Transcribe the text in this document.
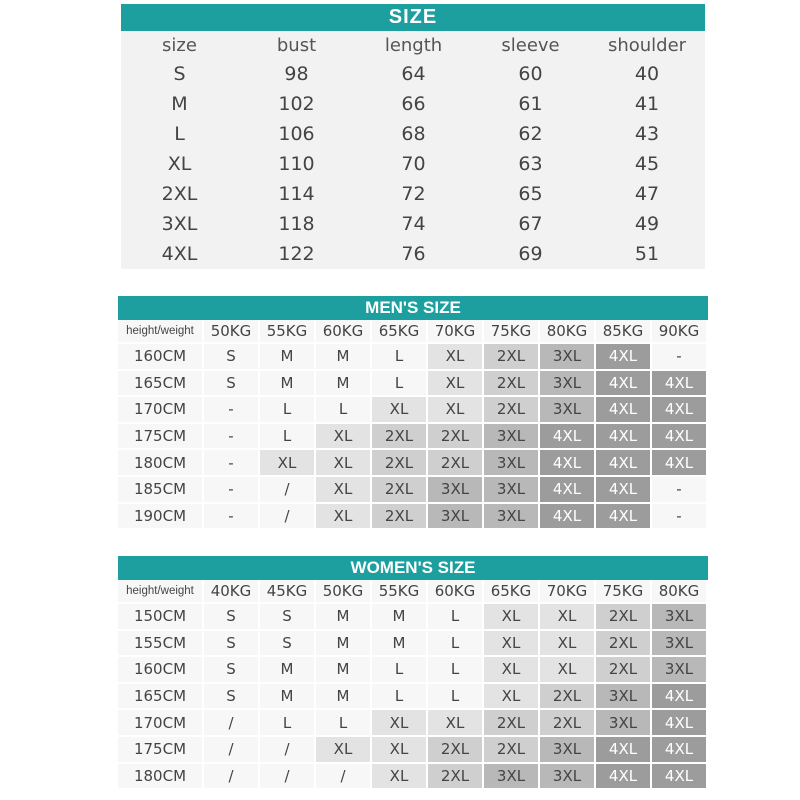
SIZE
size	bust	length	sleeve	shoulder
S	98	64	60	40
M	102	66	61	41
L	106	68	62	43
XL	110	70	63	45
2XL	114	72	65	47
3XL	118	74	67	49
4XL	122	76	69	51
MEN'S SIZE
height/weight	50KG	55KG	60KG	65KG	70KG	75KG	80KG	85KG	90KG
160CM	S	M	M	L	XL	2XL	3XL	4XL	-
165CM	S	M	M	L	XL	2XL	3XL	4XL	4XL
170CM	-	L	L	XL	XL	2XL	3XL	4XL	4XL
175CM	-	L	XL	2XL	2XL	3XL	4XL	4XL	4XL
180CM	-	XL	XL	2XL	2XL	3XL	4XL	4XL	4XL
185CM	-	/	XL	2XL	3XL	3XL	4XL	4XL	-
190CM	-	/	XL	2XL	3XL	3XL	4XL	4XL	-
WOMEN'S SIZE
height/weight	40KG	45KG	50KG	55KG	60KG	65KG	70KG	75KG	80KG
150CM	S	S	M	M	L	XL	XL	2XL	3XL
155CM	S	S	M	M	L	XL	XL	2XL	3XL
160CM	S	M	M	L	L	XL	XL	2XL	3XL
165CM	S	M	M	L	L	XL	2XL	3XL	4XL
170CM	/	L	L	XL	XL	2XL	2XL	3XL	4XL
175CM	/	/	XL	XL	2XL	2XL	3XL	4XL	4XL
180CM	/	/	/	XL	2XL	3XL	3XL	4XL	4XL
